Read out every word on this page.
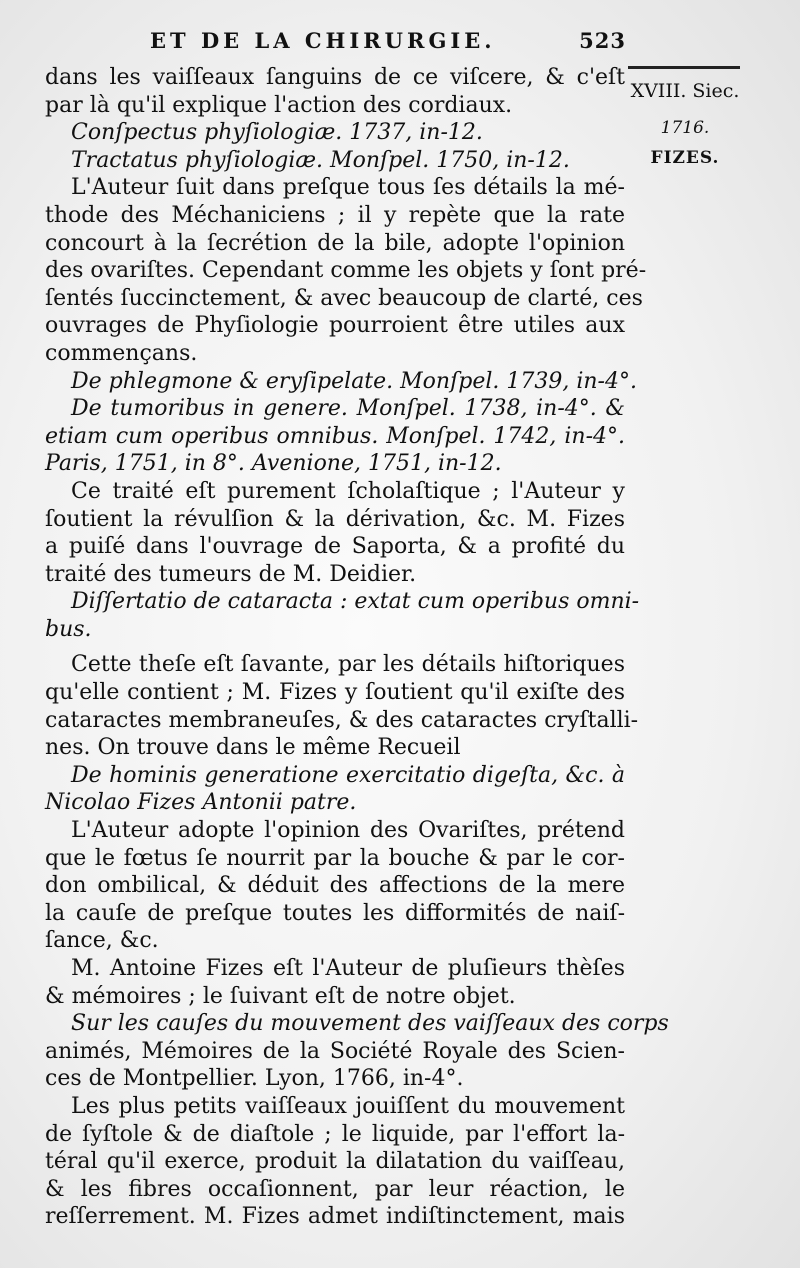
ET DE LA CHIRURGIE.	523
XVIII. Siec.
1716.
FIZES.
dans les vaiſſeaux ſanguins de ce viſcere, & c'eſt
par là qu'il explique l'action des cordiaux.
Conſpectus phyſiologiæ. 1737, in-12.
Tractatus phyſiologiæ. Monſpel. 1750, in-12.
L'Auteur ſuit dans preſque tous ſes détails la mé-
thode des Méchaniciens ; il y repète que la rate
concourt à la ſecrétion de la bile, adopte l'opinion
des ovariſtes. Cependant comme les objets y ſont pré-
ſentés ſuccinctement, & avec beaucoup de clarté, ces
ouvrages de Phyſiologie pourroient être utiles aux
commençans.
De phlegmone & eryſipelate. Monſpel. 1739, in-4°.
De tumoribus in genere. Monſpel. 1738, in-4°. &
etiam cum operibus omnibus. Monſpel. 1742, in-4°.
Paris, 1751, in 8°. Avenione, 1751, in-12.
Ce traité eſt purement ſcholaſtique ; l'Auteur y
ſoutient la révulſion & la dérivation, &c. M. Fizes
a puiſé dans l'ouvrage de Saporta, & a profité du
traité des tumeurs de M. Deidier.
Diſſertatio de cataracta : extat cum operibus omni-
bus.
Cette theſe eſt ſavante, par les détails hiſtoriques
qu'elle contient ; M. Fizes y ſoutient qu'il exiſte des
cataractes membraneuſes, & des cataractes cryſtalli-
nes. On trouve dans le même Recueil
De hominis generatione exercitatio digeſta, &c. à
Nicolao Fizes Antonii patre.
L'Auteur adopte l'opinion des Ovariſtes, prétend
que le fœtus ſe nourrit par la bouche & par le cor-
don ombilical, & déduit des affections de la mere
la cauſe de preſque toutes les difformités de naiſ-
ſance, &c.
M. Antoine Fizes eſt l'Auteur de pluſieurs thèſes
& mémoires ; le ſuivant eſt de notre objet.
Sur les cauſes du mouvement des vaiſſeaux des corps
animés, Mémoires de la Société Royale des Scien-
ces de Montpellier. Lyon, 1766, in-4°.
Les plus petits vaiſſeaux jouiſſent du mouvement
de ſyſtole & de diaſtole ; le liquide, par l'effort la-
téral qu'il exerce, produit la dilatation du vaiſſeau,
& les fibres occaſionnent, par leur réaction, le
reſſerrement. M. Fizes admet indiſtinctement, mais
